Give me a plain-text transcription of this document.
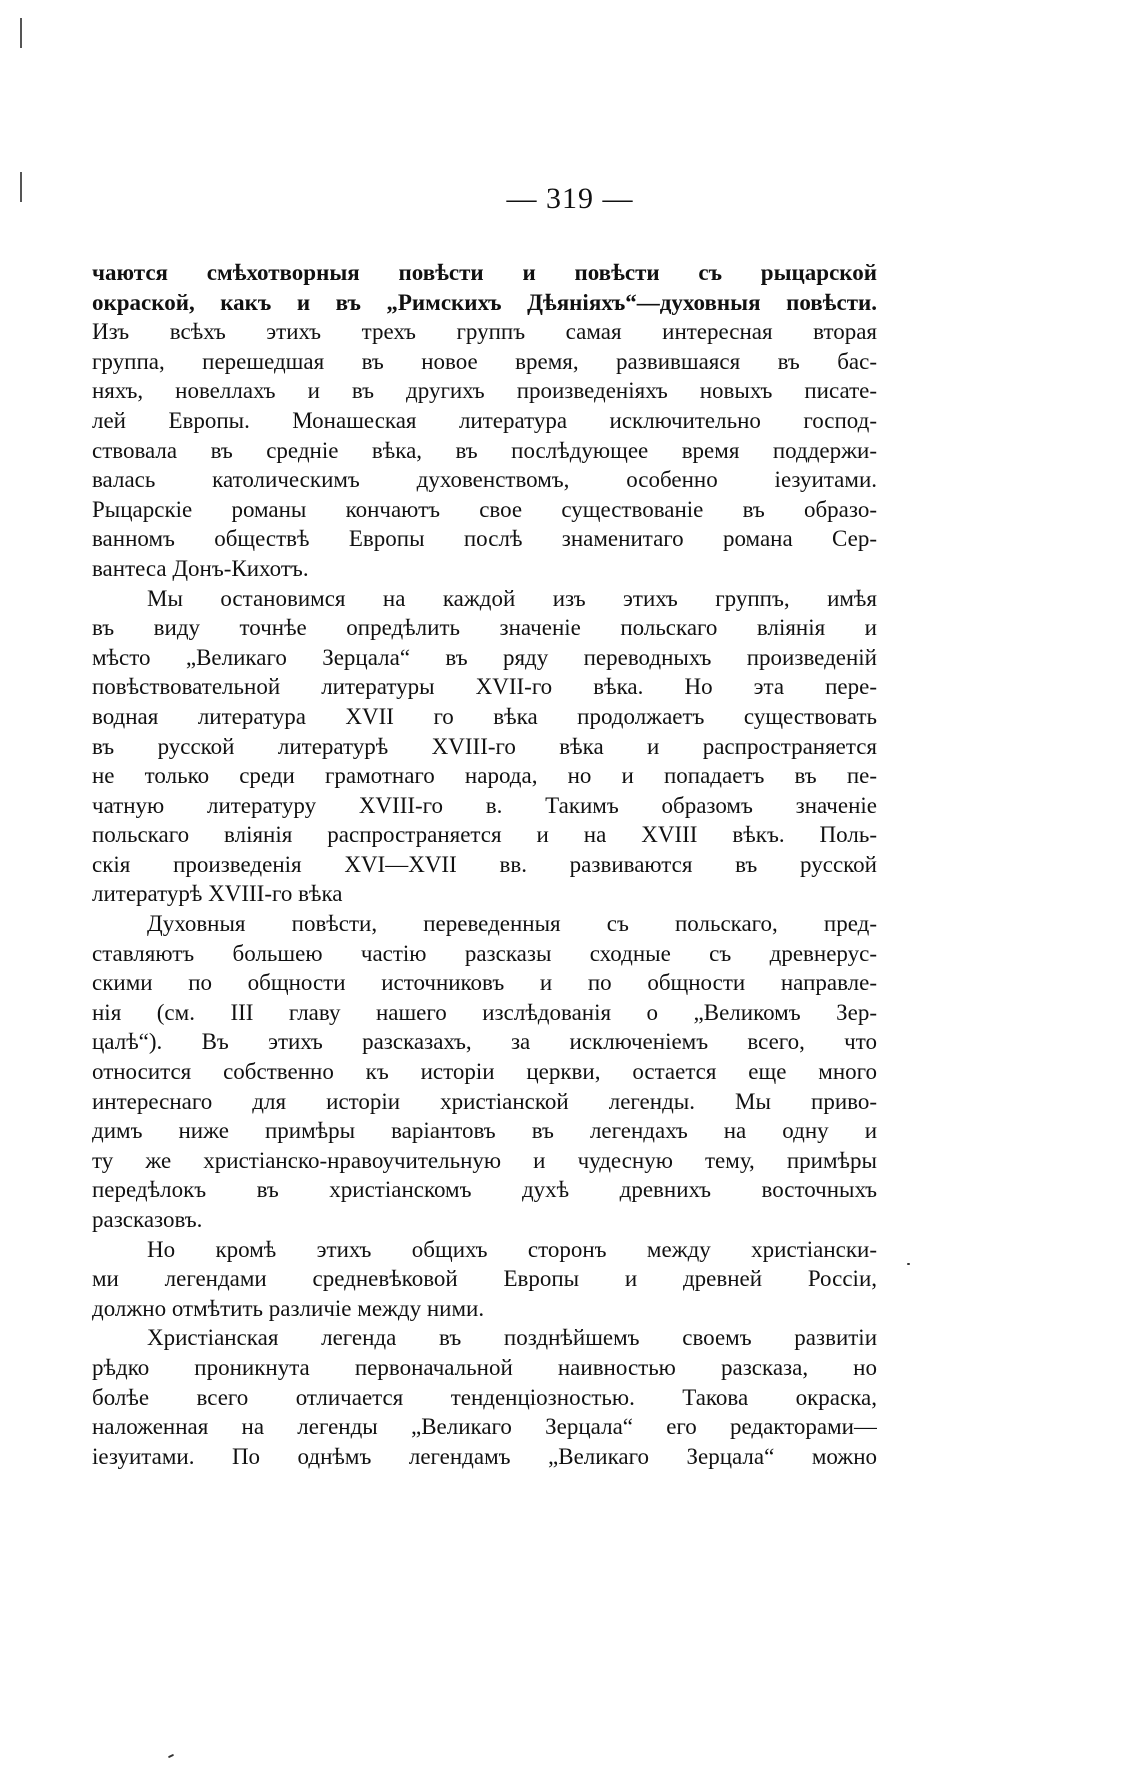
— 319 —
чаются смѣхотворныя повѣсти и повѣсти съ рыцарской
окраской, какъ и въ „Римскихъ Дѣяніяхъ“—духовныя повѣсти.
Изъ всѣхъ этихъ трехъ группъ самая интересная вторая
группа, перешедшая въ новое время, развившаяся въ бас-
няхъ, новеллахъ и въ другихъ произведеніяхъ новыхъ писате-
лей Европы. Монашеская литература исключительно господ-
ствовала въ средніе вѣка, въ послѣдующее время поддержи-
валась католическимъ духовенствомъ, особенно іезуитами.
Рыцарскіе романы кончаютъ свое существованіе въ образо-
ванномъ обществѣ Европы послѣ знаменитаго романа Сер-
вантеса Донъ-Кихотъ.
Мы остановимся на каждой изъ этихъ группъ, имѣя
въ виду точнѣе опредѣлить значеніе польскаго вліянія и
мѣсто „Великаго Зерцала“ въ ряду переводныхъ произведеній
повѣствовательной литературы XVII-го вѣка. Но эта пере-
водная литература XVII го вѣка продолжаетъ существовать
въ русской литературѣ XVIII-го вѣка и распространяется
не только среди грамотнаго народа, но и попадаетъ въ пе-
чатную литературу XVIII-го в. Такимъ образомъ значеніе
польскаго вліянія распространяется и на XVIII вѣкъ. Поль-
скія произведенія XVI—XVII вв. развиваются въ русской
литературѣ XVIII-го вѣка
Духовныя повѣсти, переведенныя съ польскаго, пред-
ставляютъ большею частію разсказы сходные съ древнерус-
скими по общности источниковъ и по общности направле-
нія (см. III главу нашего изслѣдованія о „Великомъ Зер-
цалѣ“). Въ этихъ разсказахъ, за исключеніемъ всего, что
относится собственно къ исторіи церкви, остается еще много
интереснаго для исторіи христіанской легенды. Мы приво-
димъ ниже примѣры варіантовъ въ легендахъ на одну и
ту же христіанско-нравоучительную и чудесную тему, примѣры
передѣлокъ въ христіанскомъ духѣ древнихъ восточныхъ
разсказовъ.
Но кромѣ этихъ общихъ сторонъ между христіански-
ми легендами средневѣковой Европы и древней Россіи,
должно отмѣтить различіе между ними.
Христіанская легенда въ позднѣйшемъ своемъ развитіи
рѣдко проникнута первоначальной наивностью разсказа, но
болѣе всего отличается тенденціозностью. Такова окраска,
наложенная на легенды „Великаго Зерцала“ его редакторами—
іезуитами. По однѣмъ легендамъ „Великаго Зерцала“ можно
